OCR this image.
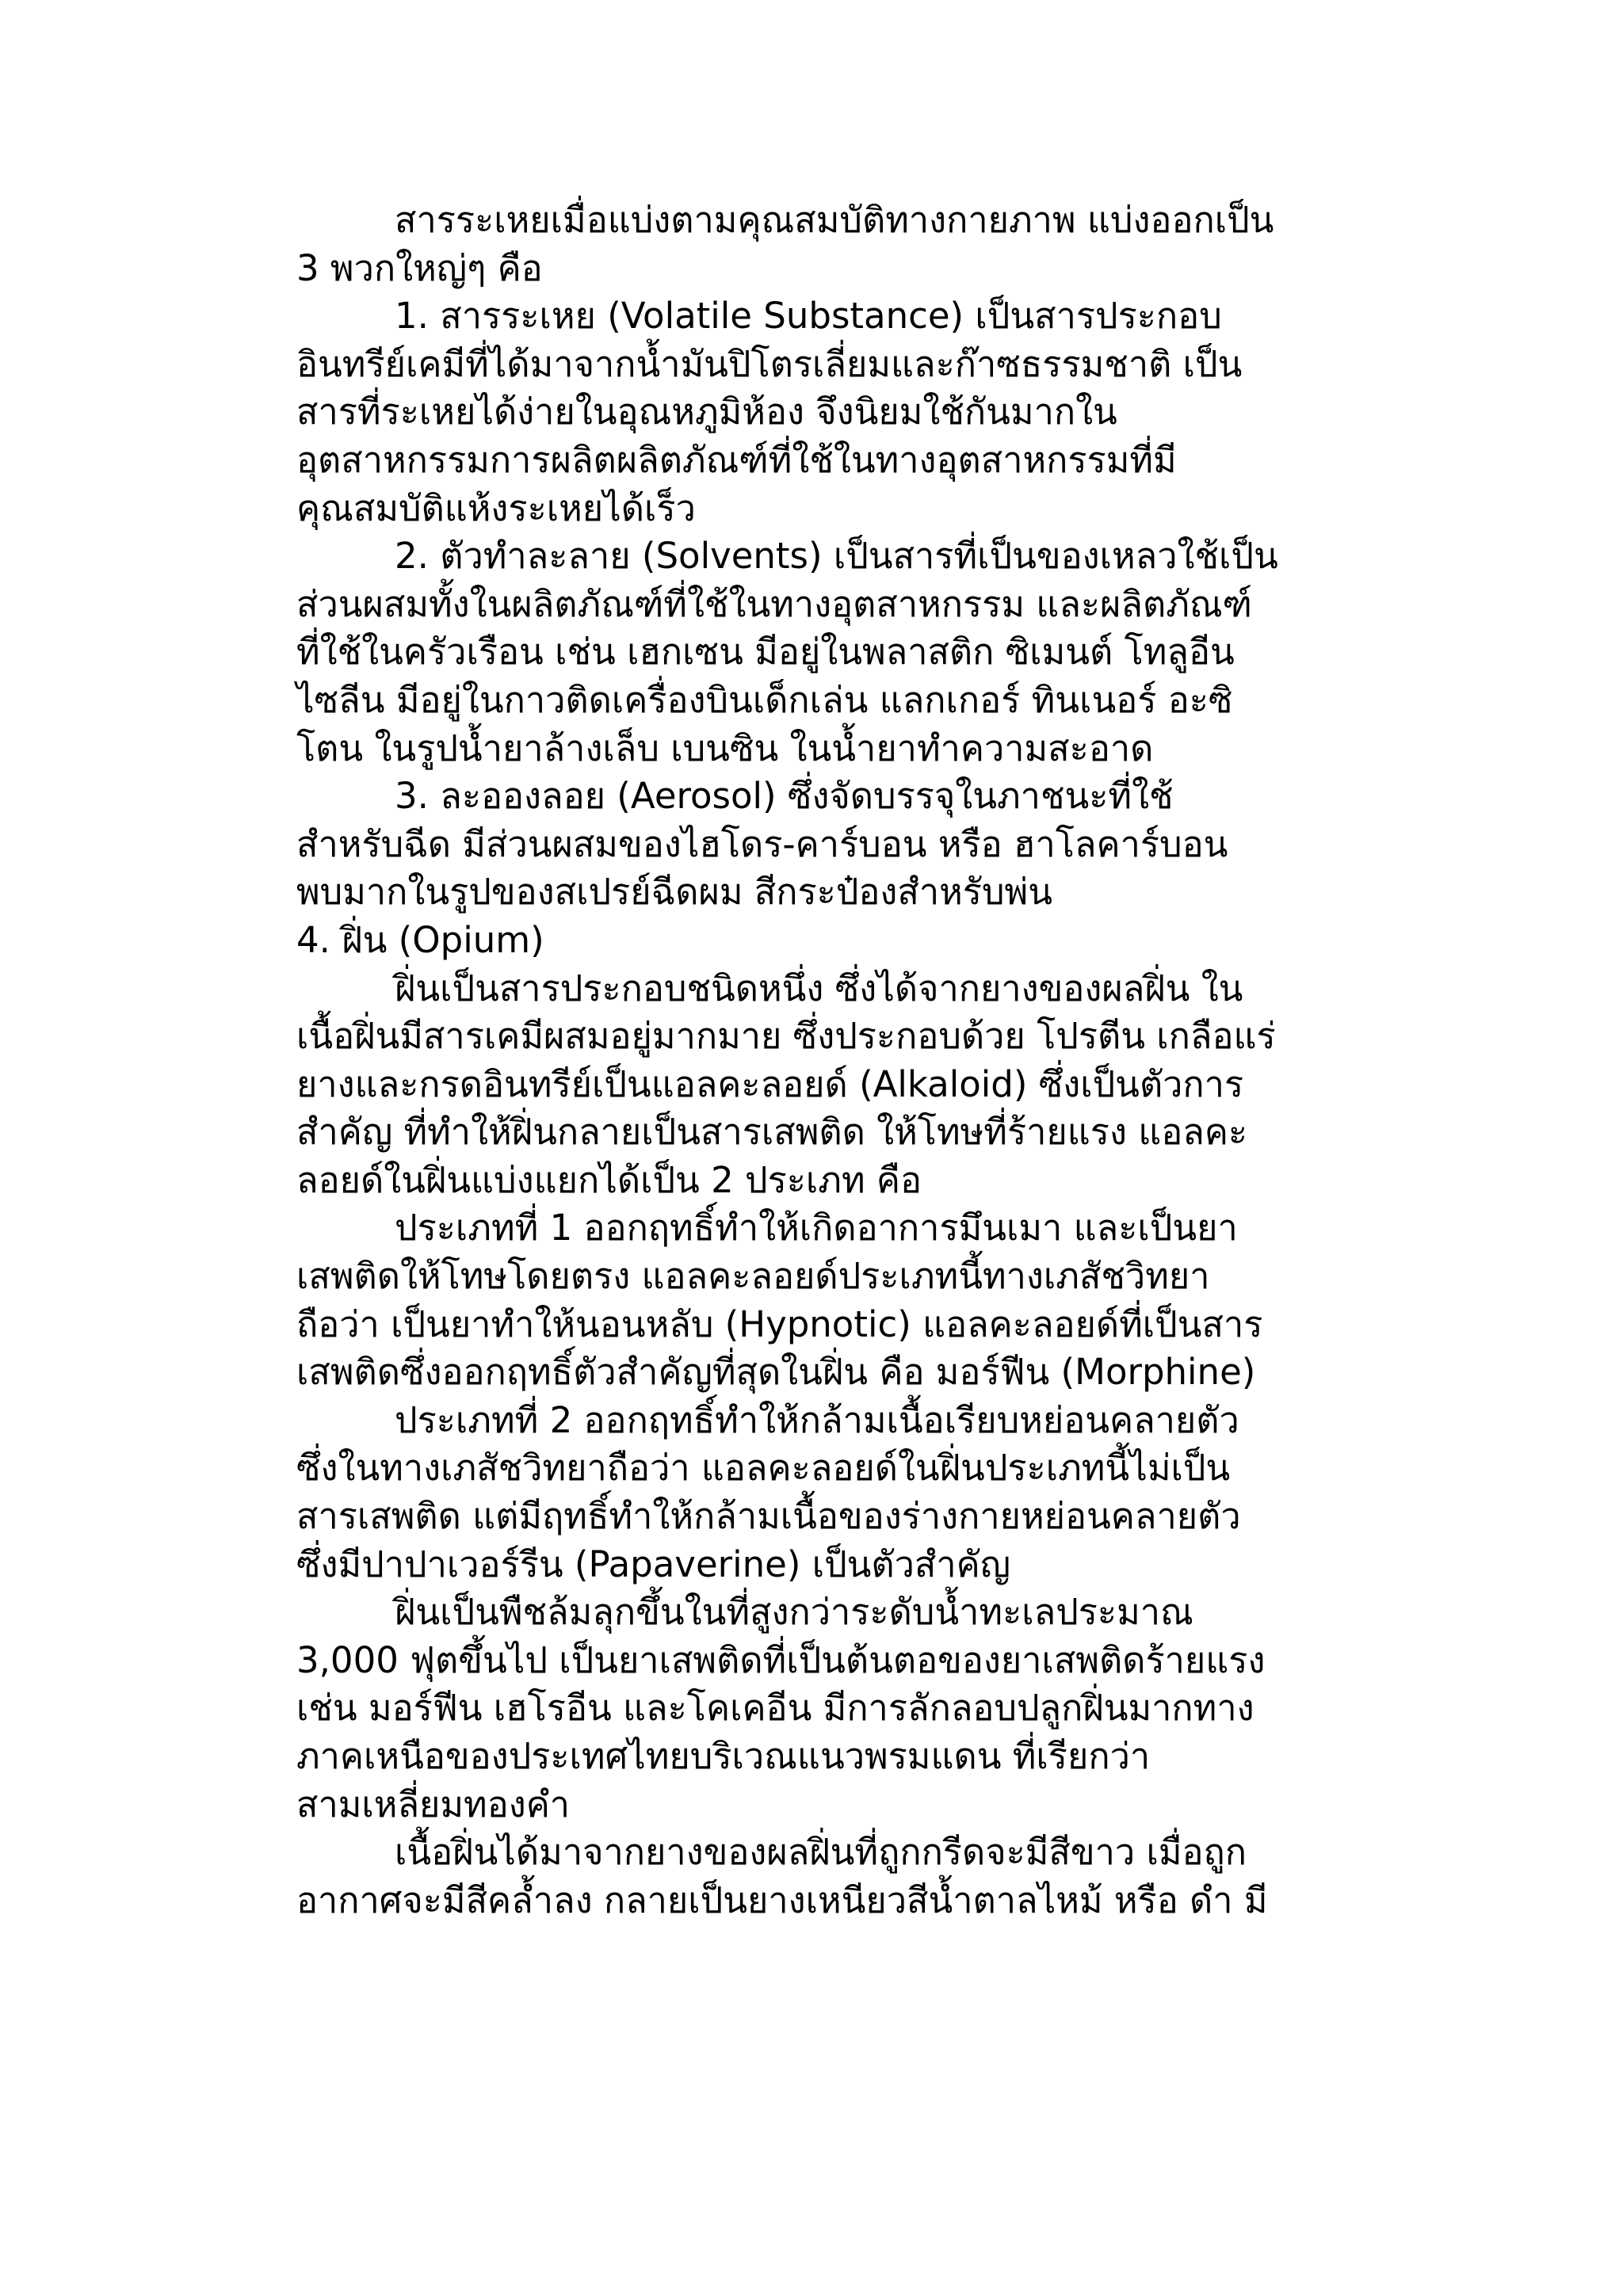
สารระเหยเมื่อแบ่งตามคุณสมบัติทางกายภาพ แบ่งออกเป็น
3 พวกใหญ่ๆ คือ
1. สารระเหย (Volatile Substance) เป็นสารประกอบ
อินทรีย์เคมีที่ได้มาจากน้ำมันปิโตรเลี่ยมและก๊าซธรรมชาติ เป็น
สารที่ระเหยได้ง่ายในอุณหภูมิห้อง จึงนิยมใช้กันมากใน
อุตสาหกรรมการผลิตผลิตภัณฑ์ที่ใช้ในทางอุตสาหกรรมที่มี
คุณสมบัติแห้งระเหยได้เร็ว
2. ตัวทำละลาย (Solvents) เป็นสารที่เป็นของเหลวใช้เป็น
ส่วนผสมทั้งในผลิตภัณฑ์ที่ใช้ในทางอุตสาหกรรม และผลิตภัณฑ์
ที่ใช้ในครัวเรือน เช่น เฮกเซน มีอยู่ในพลาสติก ซิเมนต์ โทลูอีน
ไซลีน มีอยู่ในกาวติดเครื่องบินเด็กเล่น แลกเกอร์ ทินเนอร์ อะซิ
โตน ในรูปน้ำยาล้างเล็บ เบนซิน ในน้ำยาทำความสะอาด
3. ละอองลอย (Aerosol) ซึ่งจัดบรรจุในภาชนะที่ใช้
สำหรับฉีด มีส่วนผสมของไฮโดร-คาร์บอน หรือ ฮาโลคาร์บอน
พบมากในรูปของสเปรย์ฉีดผม สีกระป๋องสำหรับพ่น
4. ฝิ่น (Opium)
ฝิ่นเป็นสารประกอบชนิดหนึ่ง ซึ่งได้จากยางของผลฝิ่น ใน
เนื้อฝิ่นมีสารเคมีผสมอยู่มากมาย ซึ่งประกอบด้วย โปรตีน เกลือแร่
ยางและกรดอินทรีย์เป็นแอลคะลอยด์ (Alkaloid) ซึ่งเป็นตัวการ
สำคัญ ที่ทำให้ฝิ่นกลายเป็นสารเสพติด ให้โทษที่ร้ายแรง แอลคะ
ลอยด์ในฝิ่นแบ่งแยกได้เป็น 2 ประเภท คือ
ประเภทที่ 1 ออกฤทธิ์ทำให้เกิดอาการมึนเมา และเป็นยา
เสพติดให้โทษโดยตรง แอลคะลอยด์ประเภทนี้ทางเภสัชวิทยา
ถือว่า เป็นยาทำให้นอนหลับ (Hypnotic) แอลคะลอยด์ที่เป็นสาร
เสพติดซึ่งออกฤทธิ์ตัวสำคัญที่สุดในฝิ่น คือ มอร์ฟีน (Morphine)
ประเภทที่ 2 ออกฤทธิ์ทำให้กล้ามเนื้อเรียบหย่อนคลายตัว
ซึ่งในทางเภสัชวิทยาถือว่า แอลคะลอยด์ในฝิ่นประเภทนี้ไม่เป็น
สารเสพติด แต่มีฤทธิ์ทำให้กล้ามเนื้อของร่างกายหย่อนคลายตัว
ซึ่งมีปาปาเวอร์รีน (Papaverine) เป็นตัวสำคัญ
ฝิ่นเป็นพืชล้มลุกขึ้นในที่สูงกว่าระดับน้ำทะเลประมาณ
3,000 ฟุตขึ้นไป เป็นยาเสพติดที่เป็นต้นตอของยาเสพติดร้ายแรง
เช่น มอร์ฟีน เฮโรอีน และโคเคอีน มีการลักลอบปลูกฝิ่นมากทาง
ภาคเหนือของประเทศไทยบริเวณแนวพรมแดน ที่เรียกว่า
สามเหลี่ยมทองคำ
เนื้อฝิ่นได้มาจากยางของผลฝิ่นที่ถูกกรีดจะมีสีขาว เมื่อถูก
อากาศจะมีสีคล้ำลง กลายเป็นยางเหนียวสีน้ำตาลไหม้ หรือ ดำ มี
